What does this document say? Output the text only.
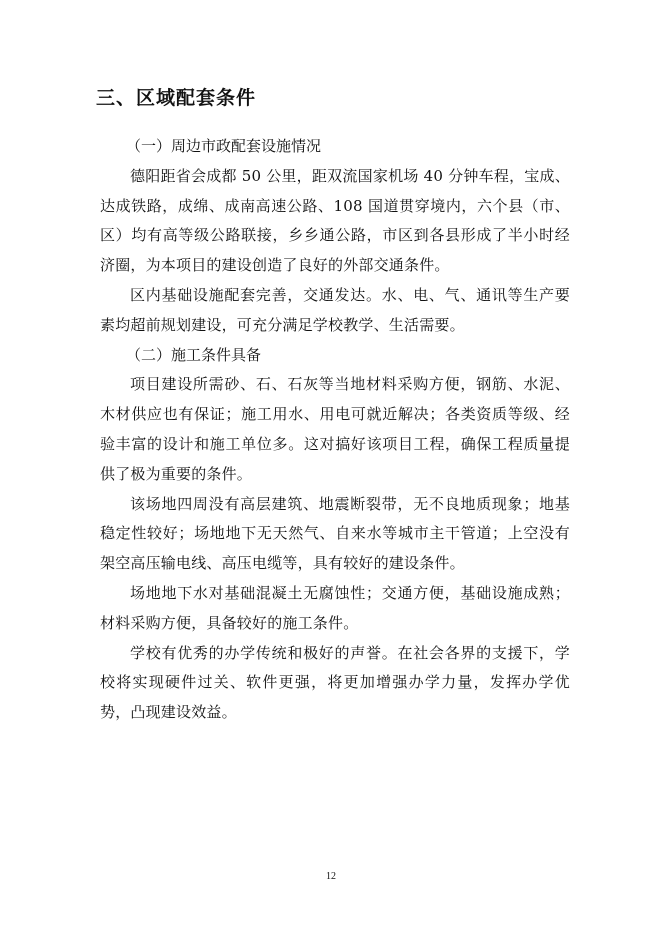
三、区域配套条件

（一）周边市政配套设施情况

德阳距省会成都 50 公里，距双流国家机场 40 分钟车程，宝成、达成铁路，成绵、成南高速公路、108 国道贯穿境内，六个县（市、区）均有高等级公路联接，乡乡通公路，市区到各县形成了半小时经济圈，为本项目的建设创造了良好的外部交通条件。

区内基础设施配套完善，交通发达。水、电、气、通讯等生产要素均超前规划建设，可充分满足学校教学、生活需要。

（二）施工条件具备

项目建设所需砂、石、石灰等当地材料采购方便，钢筋、水泥、木材供应也有保证；施工用水、用电可就近解决；各类资质等级、经验丰富的设计和施工单位多。这对搞好该项目工程，确保工程质量提供了极为重要的条件。

该场地四周没有高层建筑、地震断裂带，无不良地质现象；地基稳定性较好；场地地下无天然气、自来水等城市主干管道；上空没有架空高压输电线、高压电缆等，具有较好的建设条件。

场地地下水对基础混凝土无腐蚀性；交通方便，基础设施成熟；材料采购方便，具备较好的施工条件。

学校有优秀的办学传统和极好的声誉。在社会各界的支援下，学校将实现硬件过关、软件更强，将更加增强办学力量，发挥办学优势，凸现建设效益。

12
